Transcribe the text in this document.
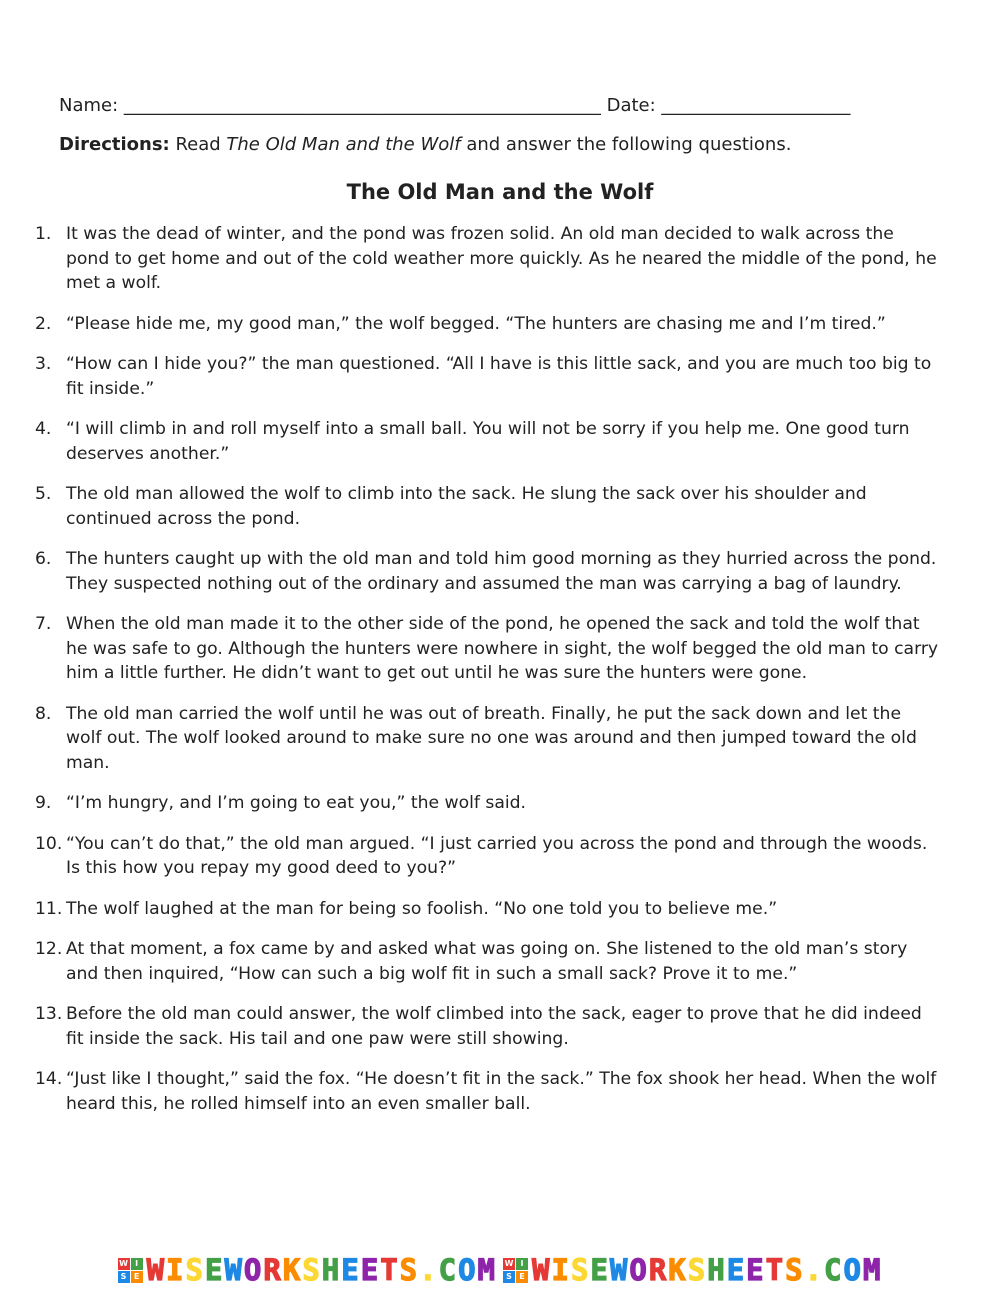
Name: _____________________________________________________ Date: _____________________
Directions: Read The Old Man and the Wolf and answer the following questions.
The Old Man and the Wolf
1. It was the dead of winter, and the pond was frozen solid. An old man decided to walk across the pond to get home and out of the cold weather more quickly. As he neared the middle of the pond, he met a wolf.
2. “Please hide me, my good man,” the wolf begged. “The hunters are chasing me and I’m tired.”
3. “How can I hide you?” the man questioned. “All I have is this little sack, and you are much too big to fit inside.”
4. “I will climb in and roll myself into a small ball. You will not be sorry if you help me. One good turn deserves another.”
5. The old man allowed the wolf to climb into the sack. He slung the sack over his shoulder and continued across the pond.
6. The hunters caught up with the old man and told him good morning as they hurried across the pond. They suspected nothing out of the ordinary and assumed the man was carrying a bag of laundry.
7. When the old man made it to the other side of the pond, he opened the sack and told the wolf that he was safe to go. Although the hunters were nowhere in sight, the wolf begged the old man to carry him a little further. He didn’t want to get out until he was sure the hunters were gone.
8. The old man carried the wolf until he was out of breath. Finally, he put the sack down and let the wolf out. The wolf looked around to make sure no one was around and then jumped toward the old man.
9. “I’m hungry, and I’m going to eat you,” the wolf said.
10. “You can’t do that,” the old man argued. “I just carried you across the pond and through the woods. Is this how you repay my good deed to you?”
11. The wolf laughed at the man for being so foolish. “No one told you to believe me.”
12. At that moment, a fox came by and asked what was going on. She listened to the old man’s story and then inquired, “How can such a big wolf fit in such a small sack? Prove it to me.”
13. Before the old man could answer, the wolf climbed into the sack, eager to prove that he did indeed fit inside the sack. His tail and one paw were still showing.
14. “Just like I thought,” said the fox. “He doesn’t fit in the sack.” The fox shook her head. When the wolf heard this, he rolled himself into an even smaller ball.
W I
S E WISEWORKSHEETS.COM W I
S E WISEWORKSHEETS.COM
